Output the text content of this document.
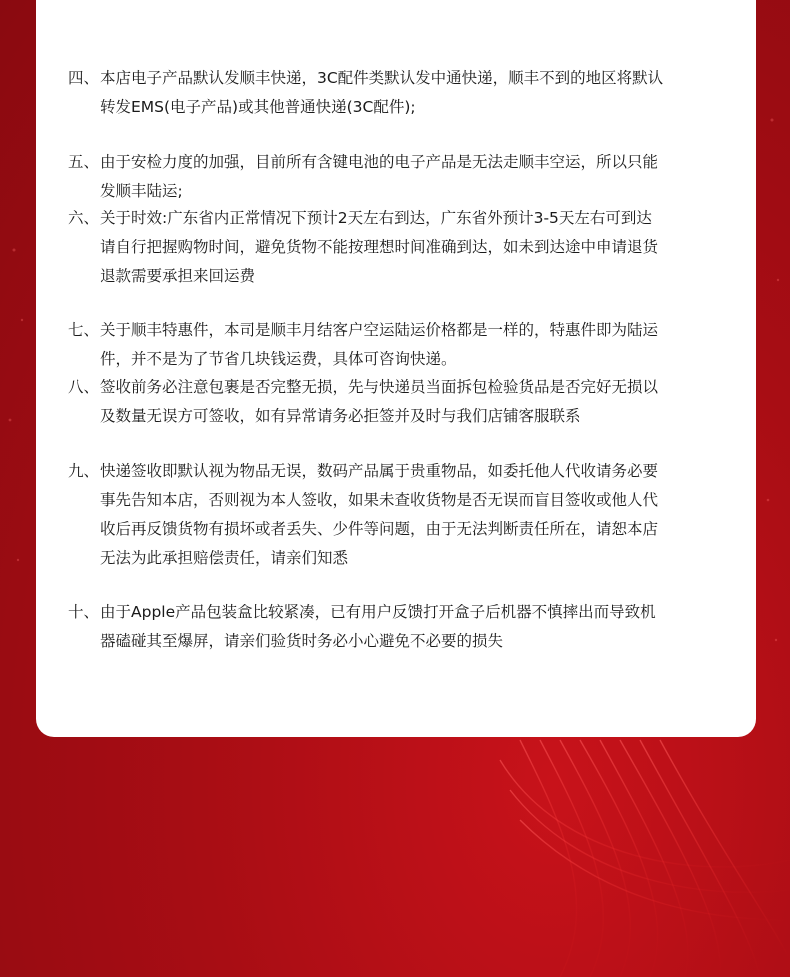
四、 本店电子产品默认发顺丰快递，3C配件类默认发中通快递，顺丰不到的地区将默认
转发EMS(电子产品)或其他普通快递(3C配件);
五、 由于安检力度的加强，目前所有含键电池的电子产品是无法走顺丰空运，所以只能
发顺丰陆运;
六、 关于时效:广东省内正常情况下预计2天左右到达，广东省外预计3-5天左右可到达
请自行把握购物时间，避免货物不能按理想时间准确到达，如未到达途中申请退货
退款需要承担来回运费
七、 关于顺丰特惠件，本司是顺丰月结客户空运陆运价格都是一样的，特惠件即为陆运
件，并不是为了节省几块钱运费，具体可咨询快递。
八、 签收前务必注意包裹是否完整无损，先与快递员当面拆包检验货品是否完好无损以
及数量无误方可签收，如有异常请务必拒签并及时与我们店铺客服联系
九、 快递签收即默认视为物品无误，数码产品属于贵重物品，如委托他人代收请务必要
事先告知本店，否则视为本人签收，如果未查收货物是否无误而盲目签收或他人代
收后再反馈货物有损坏或者丢失、少件等问题，由于无法判断责任所在，请恕本店
无法为此承担赔偿责任，请亲们知悉
十、 由于Apple产品包装盒比较紧凑，已有用户反馈打开盒子后机器不慎摔出而导致机
器磕碰其至爆屏，请亲们验货时务必小心避免不必要的损失
